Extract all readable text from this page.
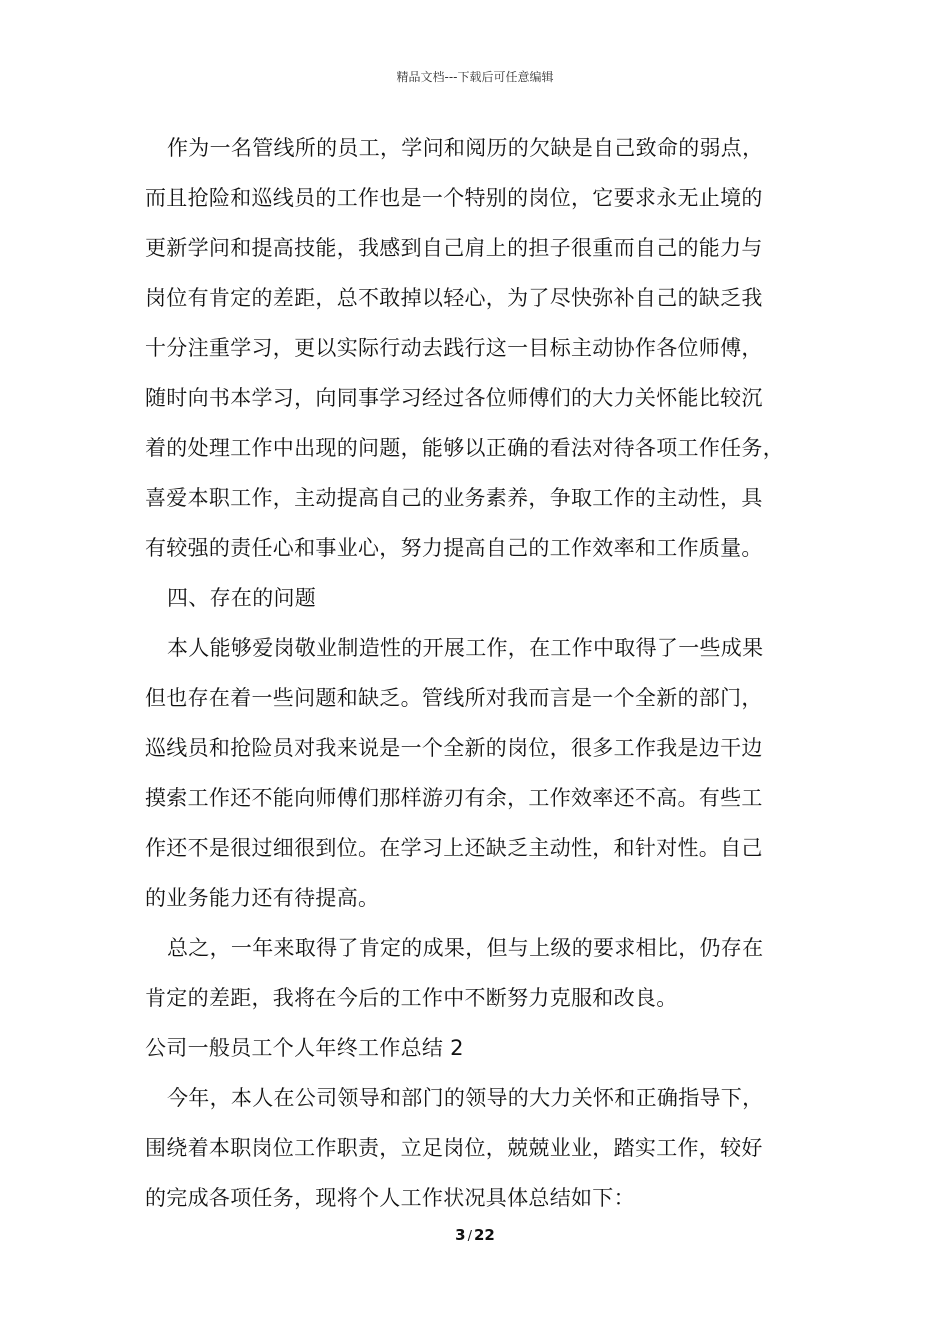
精品文档---下载后可任意编辑
作为一名管线所的员工，学问和阅历的欠缺是自己致命的弱点，
而且抢险和巡线员的工作也是一个特别的岗位，它要求永无止境的
更新学问和提高技能，我感到自己肩上的担子很重而自己的能力与
岗位有肯定的差距，总不敢掉以轻心，为了尽快弥补自己的缺乏我
十分注重学习，更以实际行动去践行这一目标主动协作各位师傅，
随时向书本学习，向同事学习经过各位师傅们的大力关怀能比较沉
着的处理工作中出现的问题，能够以正确的看法对待各项工作任务，
喜爱本职工作，主动提高自己的业务素养，争取工作的主动性，具
有较强的责任心和事业心，努力提高自己的工作效率和工作质量。
四、存在的问题
本人能够爱岗敬业制造性的开展工作，在工作中取得了一些成果
但也存在着一些问题和缺乏。管线所对我而言是一个全新的部门，
巡线员和抢险员对我来说是一个全新的岗位，很多工作我是边干边
摸索工作还不能向师傅们那样游刃有余，工作效率还不高。有些工
作还不是很过细很到位。在学习上还缺乏主动性，和针对性。自己
的业务能力还有待提高。
总之，一年来取得了肯定的成果，但与上级的要求相比，仍存在
肯定的差距，我将在今后的工作中不断努力克服和改良。
公司一般员工个人年终工作总结 2
今年，本人在公司领导和部门的领导的大力关怀和正确指导下，
围绕着本职岗位工作职责，立足岗位，兢兢业业，踏实工作，较好
的完成各项任务，现将个人工作状况具体总结如下：
3 / 22
